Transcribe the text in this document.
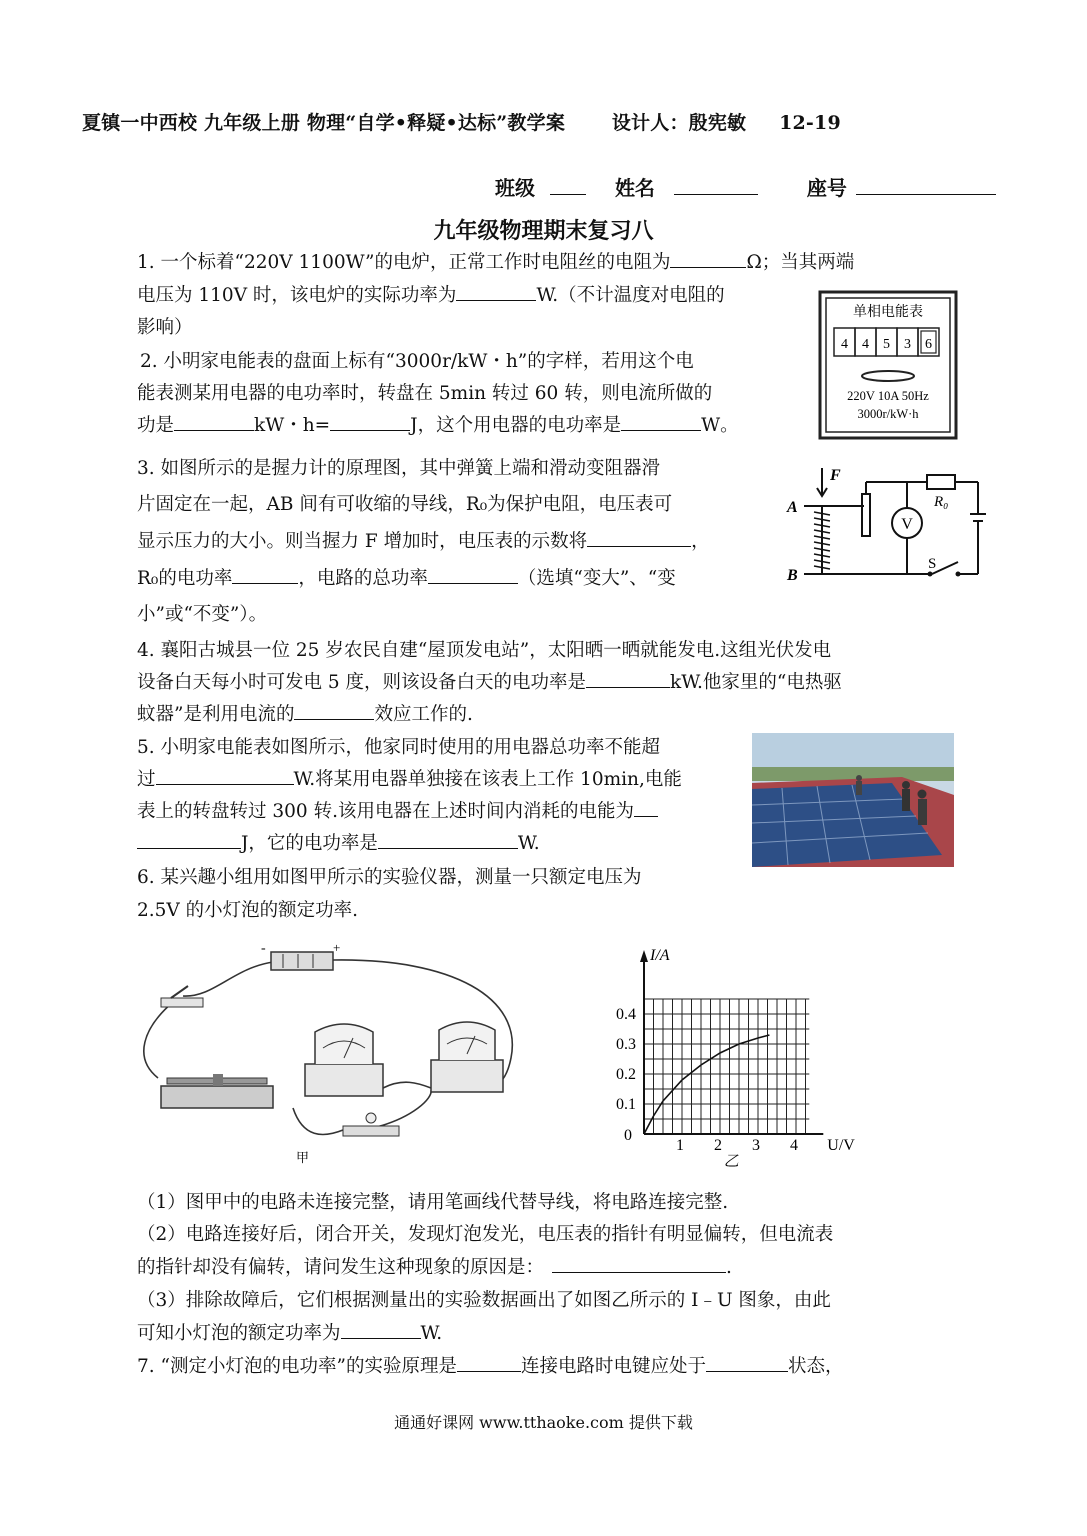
夏镇一中西校 九年级上册 物理“自学•释疑•达标”教学案 设计人：殷宪敏 12-19
班级	姓名	座号
九年级物理期末复习八
1. 一个标着“220V 1100W”的电炉，正常工作时电阻丝的电阻为	Ω；当其两端
电压为 110V 时，该电炉的实际功率为	W.（不计温度对电阻的
影响）
单相电能表
4 4 5 3 6
220V 10A 50Hz
3000r/kW·h
2. 小明家电能表的盘面上标有“3000r/kW・h”的字样，若用这个电
能表测某用电器的电功率时，转盘在 5min 转过 60 转，则电流所做的
功是	kW・h=	J，这个用电器的电功率是	W。
3. 如图所示的是握力计的原理图，其中弹簧上端和滑动变阻器滑
片固定在一起，AB 间有可收缩的导线，R₀为保护电阻，电压表可
显示压力的大小。则当握力 F 增加时，电压表的示数将	，
R₀的电功率	，电路的总功率	（选填“变大”、“变
小”或“不变”）。
F
A
B
R₀
V
S
4. 襄阳古城县一位 25 岁农民自建“屋顶发电站”，太阳晒一晒就能发电.这组光伏发电
设备白天每小时可发电 5 度，则该设备白天的电功率是	kW.他家里的“电热驱
蚊器”是利用电流的	效应工作的.
5. 小明家电能表如图所示，他家同时使用的用电器总功率不能超
过	W.将某用电器单独接在该表上工作 10min,电能
表上的转盘转过 300 转.该用电器在上述时间内消耗的电能为
J，它的电功率是	W.
6. 某兴趣小组用如图甲所示的实验仪器，测量一只额定电压为
2.5V 的小灯泡的额定功率.
-	+
甲
0.1
0.2
0.3
0.4
1 2 3 4
0
I/A
U/V
乙
（1）图甲中的电路未连接完整，请用笔画线代替导线，将电路连接完整.
（2）电路连接好后，闭合开关，发现灯泡发光，电压表的指针有明显偏转，但电流表
的指针却没有偏转，请问发生这种现象的原因是：	.
（3）排除故障后，它们根据测量出的实验数据画出了如图乙所示的 I﹣U 图象，由此
可知小灯泡的额定功率为	W.
7. “测定小灯泡的电功率”的实验原理是	连接电路时电键应处于	状态，
通通好课网 www.tthaoke.com 提供下载
